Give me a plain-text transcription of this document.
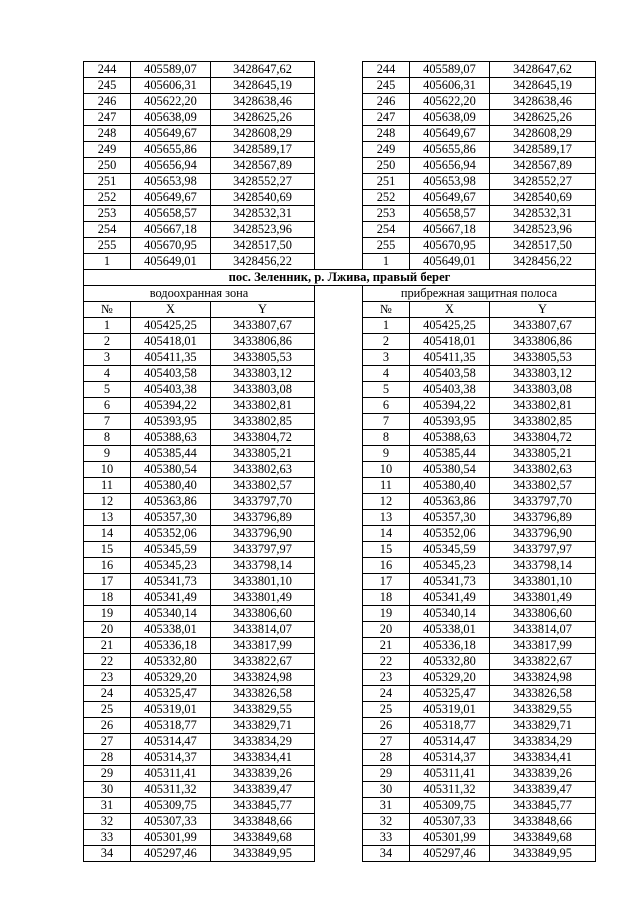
244	405589,07	3428647,62		244	405589,07	3428647,62
245	405606,31	3428645,19		245	405606,31	3428645,19
246	405622,20	3428638,46		246	405622,20	3428638,46
247	405638,09	3428625,26		247	405638,09	3428625,26
248	405649,67	3428608,29		248	405649,67	3428608,29
249	405655,86	3428589,17		249	405655,86	3428589,17
250	405656,94	3428567,89		250	405656,94	3428567,89
251	405653,98	3428552,27		251	405653,98	3428552,27
252	405649,67	3428540,69		252	405649,67	3428540,69
253	405658,57	3428532,31		253	405658,57	3428532,31
254	405667,18	3428523,96		254	405667,18	3428523,96
255	405670,95	3428517,50		255	405670,95	3428517,50
1	405649,01	3428456,22		1	405649,01	3428456,22
пос. Зеленник, р. Лжива, правый берег						
водоохранная зона				прибрежная защитная полоса		
№	X	Y		№	X	Y
1	405425,25	3433807,67		1	405425,25	3433807,67
2	405418,01	3433806,86		2	405418,01	3433806,86
3	405411,35	3433805,53		3	405411,35	3433805,53
4	405403,58	3433803,12		4	405403,58	3433803,12
5	405403,38	3433803,08		5	405403,38	3433803,08
6	405394,22	3433802,81		6	405394,22	3433802,81
7	405393,95	3433802,85		7	405393,95	3433802,85
8	405388,63	3433804,72		8	405388,63	3433804,72
9	405385,44	3433805,21		9	405385,44	3433805,21
10	405380,54	3433802,63		10	405380,54	3433802,63
11	405380,40	3433802,57		11	405380,40	3433802,57
12	405363,86	3433797,70		12	405363,86	3433797,70
13	405357,30	3433796,89		13	405357,30	3433796,89
14	405352,06	3433796,90		14	405352,06	3433796,90
15	405345,59	3433797,97		15	405345,59	3433797,97
16	405345,23	3433798,14		16	405345,23	3433798,14
17	405341,73	3433801,10		17	405341,73	3433801,10
18	405341,49	3433801,49		18	405341,49	3433801,49
19	405340,14	3433806,60		19	405340,14	3433806,60
20	405338,01	3433814,07		20	405338,01	3433814,07
21	405336,18	3433817,99		21	405336,18	3433817,99
22	405332,80	3433822,67		22	405332,80	3433822,67
23	405329,20	3433824,98		23	405329,20	3433824,98
24	405325,47	3433826,58		24	405325,47	3433826,58
25	405319,01	3433829,55		25	405319,01	3433829,55
26	405318,77	3433829,71		26	405318,77	3433829,71
27	405314,47	3433834,29		27	405314,47	3433834,29
28	405314,37	3433834,41		28	405314,37	3433834,41
29	405311,41	3433839,26		29	405311,41	3433839,26
30	405311,32	3433839,47		30	405311,32	3433839,47
31	405309,75	3433845,77		31	405309,75	3433845,77
32	405307,33	3433848,66		32	405307,33	3433848,66
33	405301,99	3433849,68		33	405301,99	3433849,68
34	405297,46	3433849,95		34	405297,46	3433849,95
